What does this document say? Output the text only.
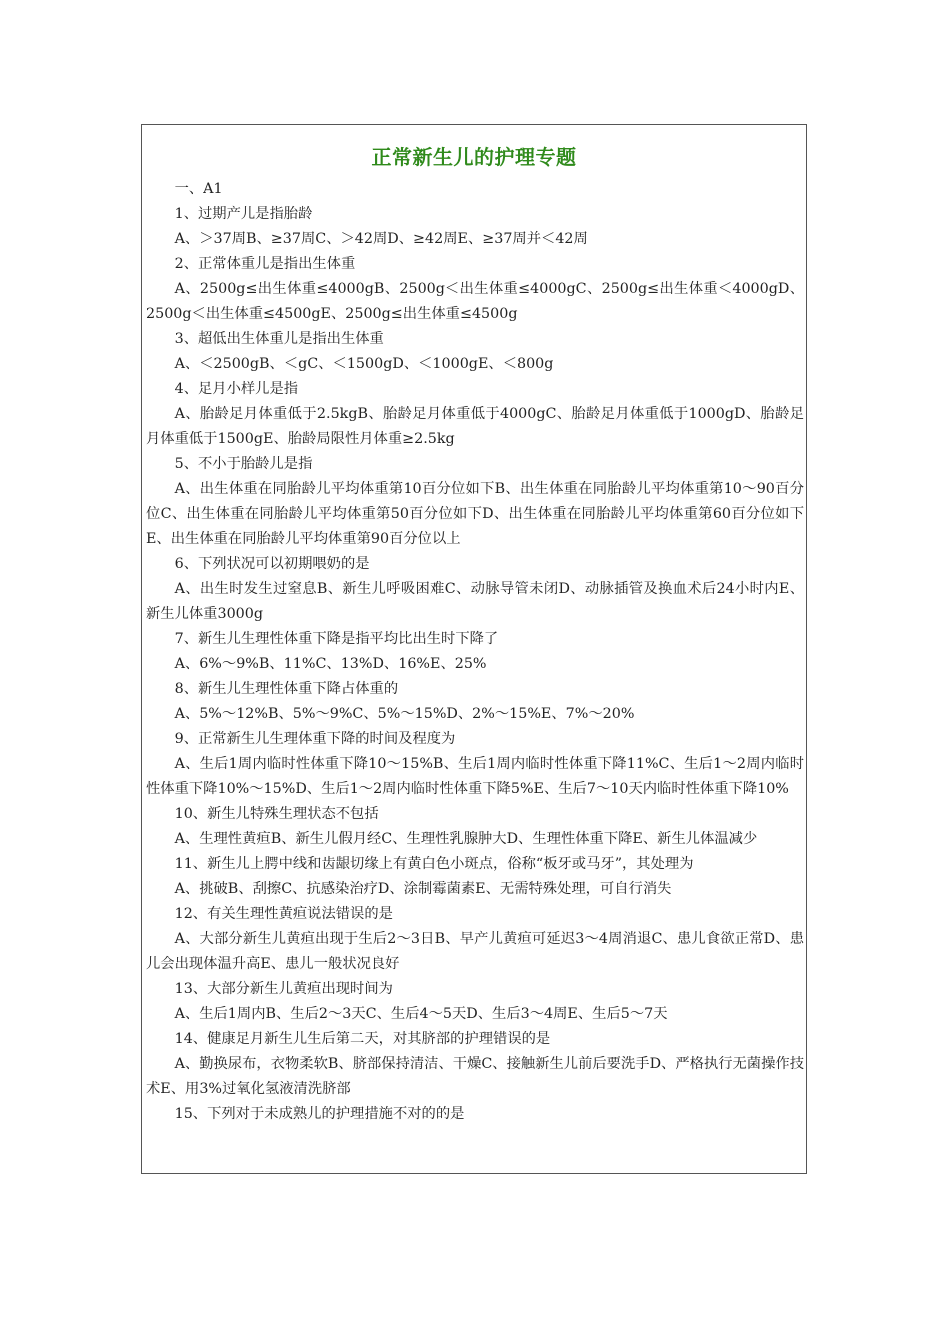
正常新生儿的护理专题

一、A1

1、过期产儿是指胎龄

A、＞37周B、≥37周C、＞42周D、≥42周E、≥37周并＜42周

2、正常体重儿是指出生体重

A、2500g≤出生体重≤4000gB、2500g＜出生体重≤4000gC、2500g≤出生体重＜4000gD、2500g＜出生体重≤4500gE、2500g≤出生体重≤4500g

3、超低出生体重儿是指出生体重

A、＜2500gB、＜gC、＜1500gD、＜1000gE、＜800g

4、足月小样儿是指

A、胎龄足月体重低于2.5kgB、胎龄足月体重低于4000gC、胎龄足月体重低于1000gD、胎龄足月体重低于1500gE、胎龄局限性月体重≥2.5kg

5、不小于胎龄儿是指

A、出生体重在同胎龄儿平均体重第10百分位如下B、出生体重在同胎龄儿平均体重第10～90百分位C、出生体重在同胎龄儿平均体重第50百分位如下D、出生体重在同胎龄儿平均体重第60百分位如下E、出生体重在同胎龄儿平均体重第90百分位以上

6、下列状况可以初期喂奶的是

A、出生时发生过窒息B、新生儿呼吸困难C、动脉导管未闭D、动脉插管及换血术后24小时内E、新生儿体重3000g

7、新生儿生理性体重下降是指平均比出生时下降了

A、6%～9%B、11%C、13%D、16%E、25%

8、新生儿生理性体重下降占体重的

A、5%～12%B、5%～9%C、5%～15%D、2%～15%E、7%～20%

9、正常新生儿生理体重下降的时间及程度为

A、生后1周内临时性体重下降10～15%B、生后1周内临时性体重下降11%C、生后1～2周内临时性体重下降10%～15%D、生后1～2周内临时性体重下降5%E、生后7～10天内临时性体重下降10%

10、新生儿特殊生理状态不包括

A、生理性黄疸B、新生儿假月经C、生理性乳腺肿大D、生理性体重下降E、新生儿体温减少

11、新生儿上腭中线和齿龈切缘上有黄白色小斑点，俗称“板牙或马牙”，其处理为

A、挑破B、刮擦C、抗感染治疗D、涂制霉菌素E、无需特殊处理，可自行消失

12、有关生理性黄疸说法错误的是

A、大部分新生儿黄疸出现于生后2～3日B、早产儿黄疸可延迟3～4周消退C、患儿食欲正常D、患儿会出现体温升高E、患儿一般状况良好

13、大部分新生儿黄疸出现时间为

A、生后1周内B、生后2～3天C、生后4～5天D、生后3～4周E、生后5～7天

14、健康足月新生儿生后第二天，对其脐部的护理错误的是

A、勤换尿布，衣物柔软B、脐部保持清洁、干燥C、接触新生儿前后要洗手D、严格执行无菌操作技术E、用3%过氧化氢液清洗脐部

15、下列对于未成熟儿的护理措施不对的的是
